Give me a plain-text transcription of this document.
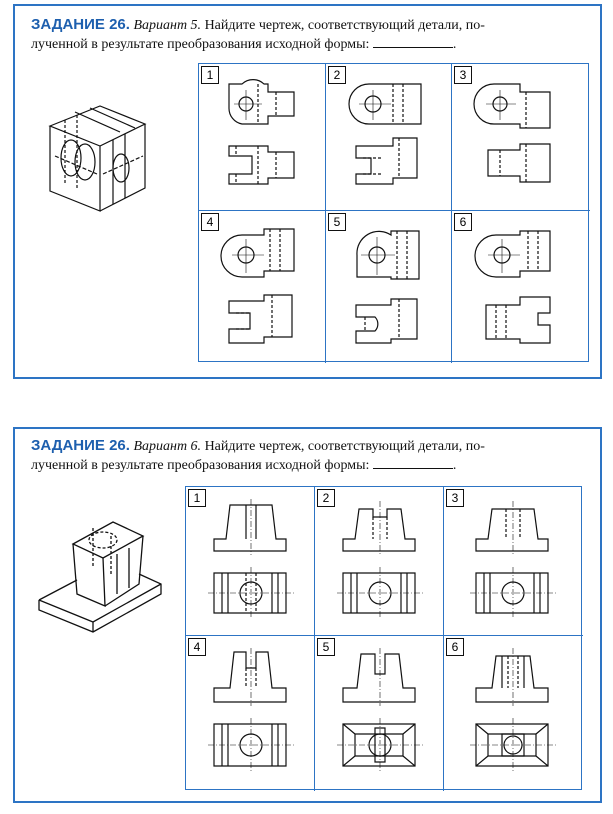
ЗАДАНИЕ 26. Вариант 5. Найдите чертеж, соответствующий детали, по-
лученной в результате преобразования исходной формы:	.
1	2	3
4	5	6
ЗАДАНИЕ 26. Вариант 6. Найдите чертеж, соответствующий детали, по-
лученной в результате преобразования исходной формы:	.
1	2	3
4	5	6
